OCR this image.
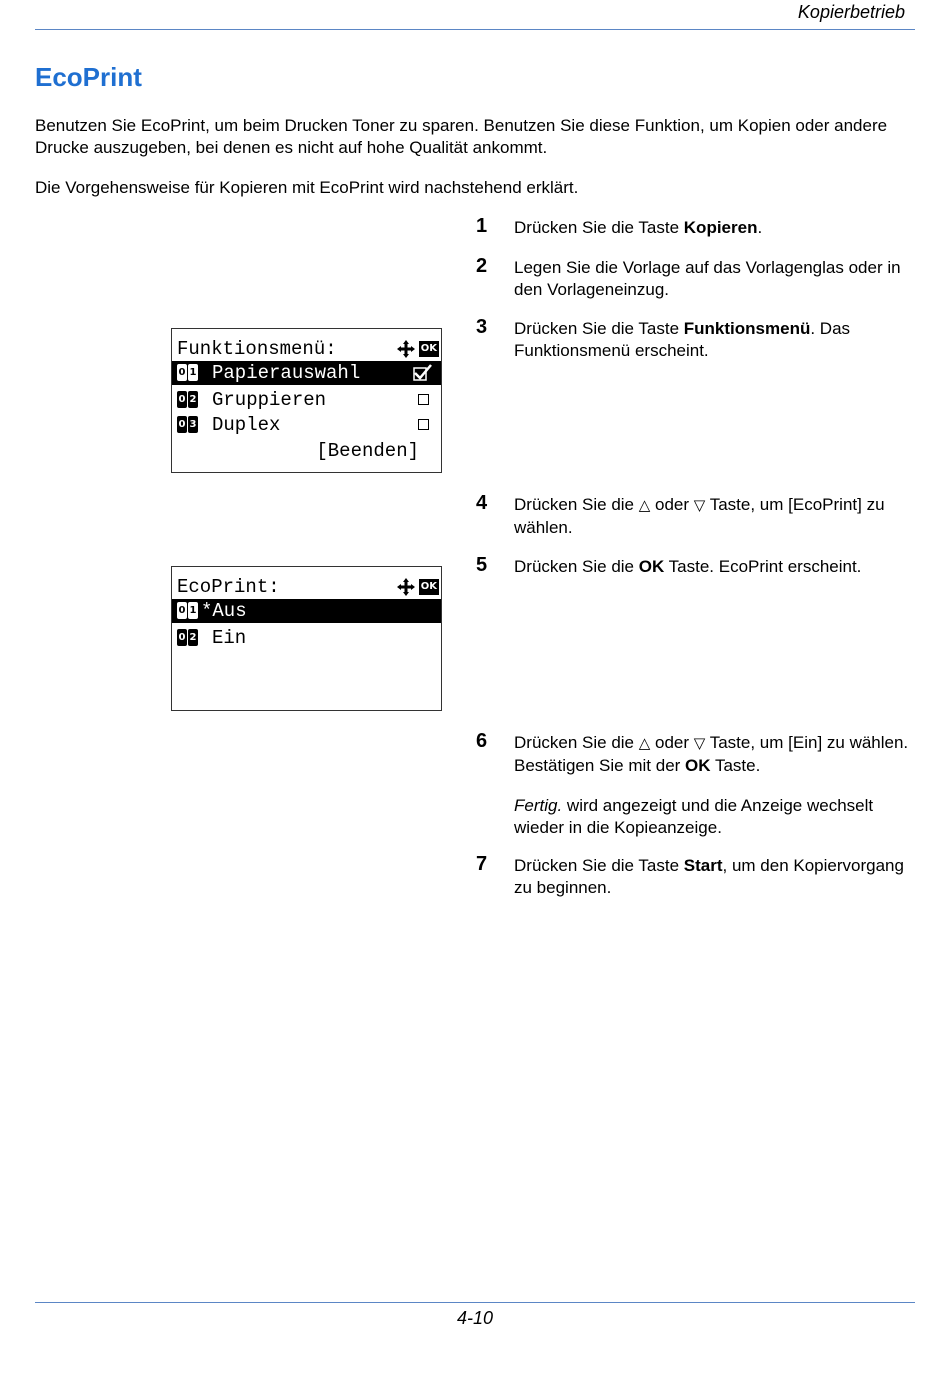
Kopierbetrieb
EcoPrint

Benutzen Sie EcoPrint, um beim Drucken Toner zu sparen. Benutzen Sie diese Funktion, um Kopien oder andere Drucke auszugeben, bei denen es nicht auf hohe Qualität ankommt.

Die Vorgehensweise für Kopieren mit EcoPrint wird nachstehend erklärt.

1 Drücken Sie die Taste Kopieren.
2 Legen Sie die Vorlage auf das Vorlagenglas oder in den Vorlageneinzug.
3 Drücken Sie die Taste Funktionsmenü. Das Funktionsmenü erscheint.
4 Drücken Sie die △ oder ▽ Taste, um [EcoPrint] zu wählen.
5 Drücken Sie die OK Taste. EcoPrint erscheint.
6 Drücken Sie die △ oder ▽ Taste, um [Ein] zu wählen. Bestätigen Sie mit der OK Taste.
Fertig. wird angezeigt und die Anzeige wechselt wieder in die Kopieanzeige.
7 Drücken Sie die Taste Start, um den Kopiervorgang zu beginnen.
Funktionsmenü:	OK
0 1 Papierauswahl
0 2 Gruppieren
0 3 Duplex
[Beenden]
EcoPrint:	OK
0 1 *Aus
0 2 Ein
4-10
